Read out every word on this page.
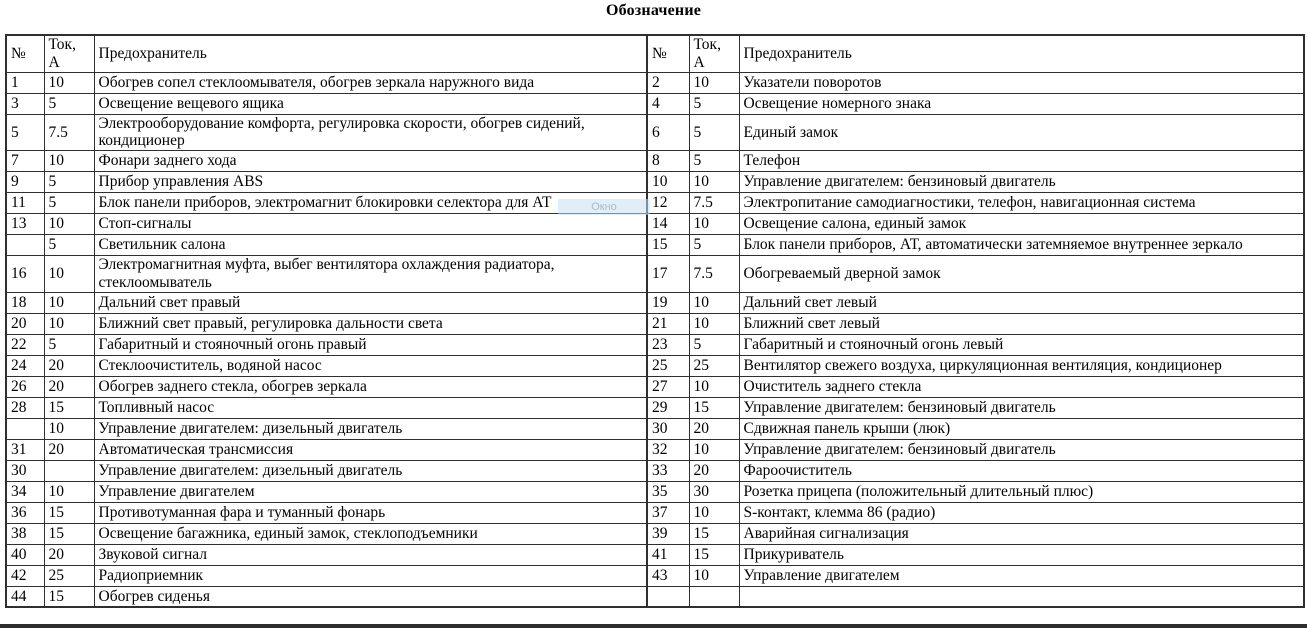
Обозначение
№	Ток, А	Предохранитель	№	Ток, А	Предохранитель
1	10	Обогрев сопел стеклоомывателя, обогрев зеркала наружного вида	2	10	Указатели поворотов
3	5	Освещение вещевого ящика	4	5	Освещение номерного знака
5	7.5	Электрооборудование комфорта, регулировка скорости, обогрев сидений, кондиционер	6	5	Единый замок
7	10	Фонари заднего хода	8	5	Телефон
9	5	Прибор управления ABS	10	10	Управление двигателем: бензиновый двигатель
11	5	Блок панели приборов, электромагнит блокировки селектора для АТ	12	7.5	Электропитание самодиагностики, телефон, навигационная система
13	10	Стоп-сигналы	14	10	Освещение салона, единый замок
	5	Светильник салона	15	5	Блок панели приборов, АТ, автоматически затемняемое внутреннее зеркало
16	10	Электромагнитная муфта, выбег вентилятора охлаждения радиатора, стеклоомыватель	17	7.5	Обогреваемый дверной замок
18	10	Дальний свет правый	19	10	Дальний свет левый
20	10	Ближний свет правый, регулировка дальности света	21	10	Ближний свет левый
22	5	Габаритный и стояночный огонь правый	23	5	Габаритный и стояночный огонь левый
24	20	Стеклоочиститель, водяной насос	25	25	Вентилятор свежего воздуха, циркуляционная вентиляция, кондиционер
26	20	Обогрев заднего стекла, обогрев зеркала	27	10	Очиститель заднего стекла
28	15	Топливный насос	29	15	Управление двигателем: бензиновый двигатель
	10	Управление двигателем: дизельный двигатель	30	20	Сдвижная панель крыши (люк)
31	20	Автоматическая трансмиссия	32	10	Управление двигателем: бензиновый двигатель
30		Управление двигателем: дизельный двигатель	33	20	Фароочиститель
34	10	Управление двигателем	35	30	Розетка прицепа (положительный длительный плюс)
36	15	Противотуманная фара и туманный фонарь	37	10	S-контакт, клемма 86 (радио)
38	15	Освещение багажника, единый замок, стеклоподъемники	39	15	Аварийная сигнализация
40	20	Звуковой сигнал	41	15	Прикуриватель
42	25	Радиоприемник	43	10	Управление двигателем
44	15	Обогрев сиденья			
Окно
